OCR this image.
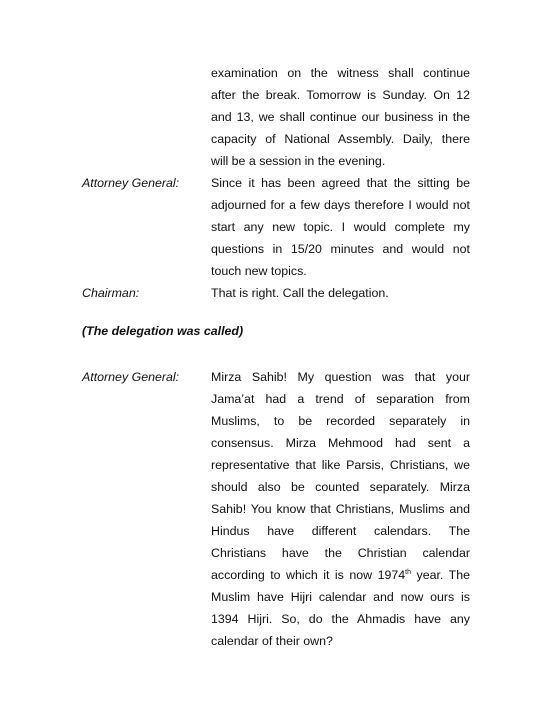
examination on the witness shall continue
after the break. Tomorrow is Sunday. On 12
and 13, we shall continue our business in the
capacity of National Assembly. Daily, there
will be a session in the evening.
Attorney General:	Since it has been agreed that the sitting be
adjourned for a few days therefore I would not
start any new topic. I would complete my
questions in 15/20 minutes and would not
touch new topics.
Chairman:	That is right. Call the delegation.
(The delegation was called)
Attorney General:	Mirza Sahib! My question was that your
Jama’at had a trend of separation from
Muslims, to be recorded separately in
consensus. Mirza Mehmood had sent a
representative that like Parsis, Christians, we
should also be counted separately. Mirza
Sahib! You know that Christians, Muslims and
Hindus have different calendars. The
Christians have the Christian calendar
according to which it is now 1974th year. The
Muslim have Hijri calendar and now ours is
1394 Hijri. So, do the Ahmadis have any
calendar of their own?
